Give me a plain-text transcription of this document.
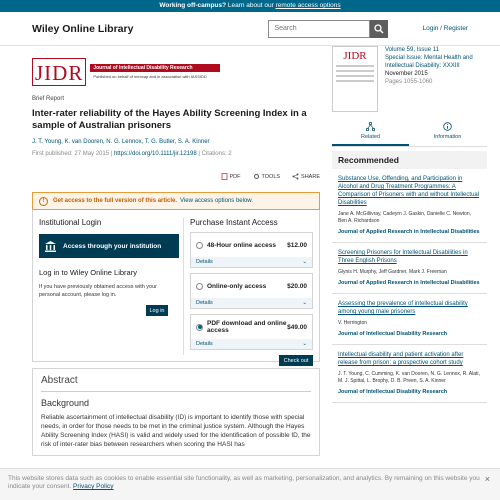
Working off-campus? Learn about our remote access options
Wiley Online Library
Search	Login / Register
JIDR	Journal of Intellectual Disability Research
Published on behalf of mencap and in association with IASSIDD
Brief Report
Inter-rater reliability of the Hayes Ability Screening Index in a sample of Australian prisoners
J. T. Young, K. van Dooren, N. G. Lennox, T. G. Butler, S. A. Kinner
First published: 27 May 2015 | https://doi.org/10.1111/jir.12198 | Citations: 2
PDF	TOOLS	SHARE
!	Get access to the full version of this article. View access options below.
Institutional Login
Access through your institution
Log in to Wiley Online Library
If you have previously obtained access with your personal account, please log in.
Log in
Purchase Instant Access
48-Hour online access $12.00
Details	⌄
Online-only access	$20.00
Details	⌄
PDF download and online access	$49.00
Details	⌄
Check out
Abstract
Background

Reliable ascertainment of intellectual disability (ID) is important to identify those with special needs, in order for those needs to be met in the criminal justice system. Although the Hayes Ability Screening Index (HASI) is valid and widely used for the identification of possible ID, the risk of inter-rater bias between researchers when scoring the HASI has

JIDR	Volume 59, Issue 11
Special Issue: Mental Health and Intellectual Disability: XXXIII
November 2015
Pages 1055-1060
Related	Information
Recommended
Substance Use, Offending, and Participation in Alcohol and Drug Treatment Programmes: A Comparison of Prisoners with and without Intellectual Disabilities
Jane A. McGillivray, Cadeyrn J. Gaskin, Danielle C. Newton, Ben A. Richardson
Journal of Applied Research in Intellectual Disabilities
Screening Prisoners for Intellectual Disabilities in Three English Prisons
Glynis H. Murphy, Jeff Gardner, Mark J. Freeman
Journal of Applied Research in Intellectual Disabilities
Assessing the prevalence of intellectual disability among young male prisoners
V. Herrington
Journal of Intellectual Disability Research
Intellectual disability and patient activation after release from prison: a prospective cohort study
J. T. Young, C. Cumming, K. van Dooren, N. G. Lennox, R. Alati, M. J. Spittal, L. Brophy, D. B. Preen, S. A. Kinner
Journal of Intellectual Disability Research
This website stores data such as cookies to enable essential site functionality, as well as marketing, personalization, and analytics. By remaining on this website you indicate your consent. Privacy Policy
×
